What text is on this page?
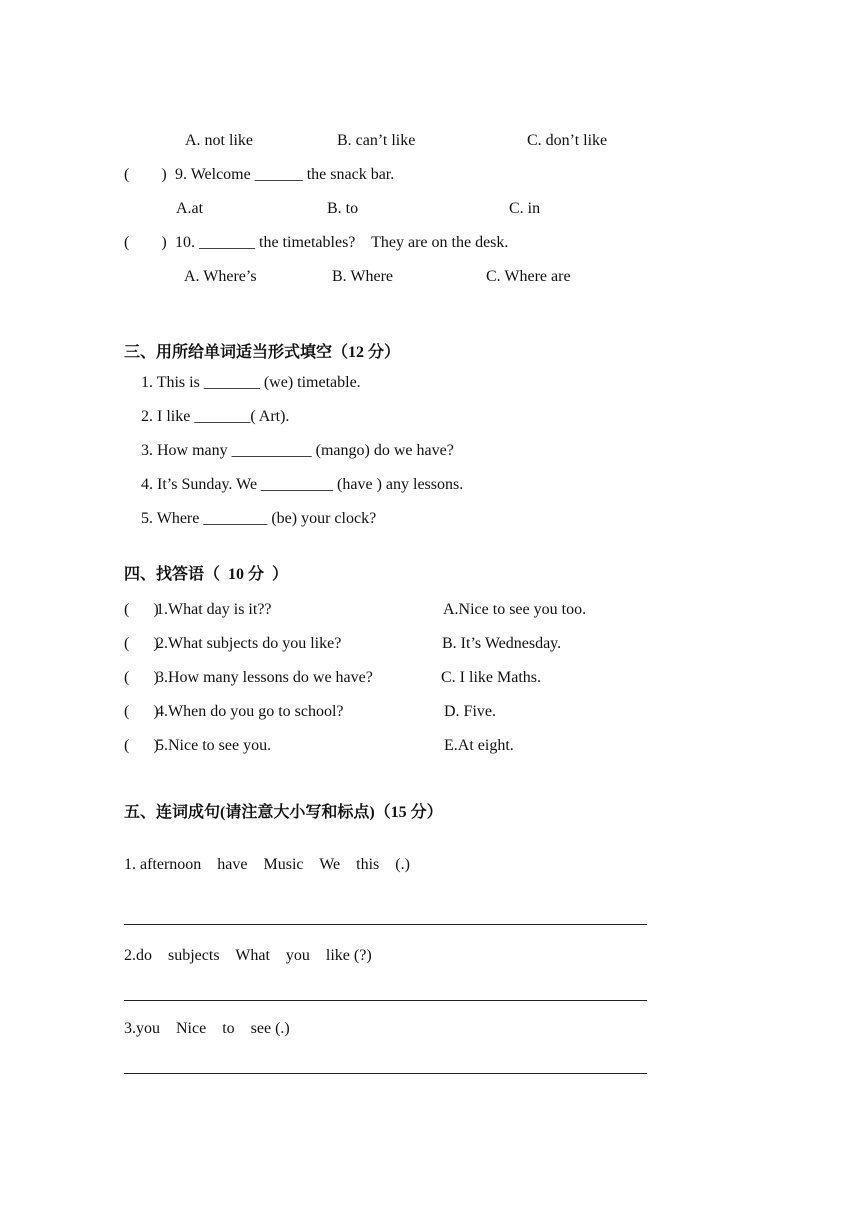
A. not like	B. can’t like	C. don’t like
(        ) 9. Welcome ______ the snack bar.
A.at	B. to	C. in
(        ) 10. _______ the timetables?    They are on the desk.
A. Where’s	B. Where	C. Where are
三、用所给单词适当形式填空（12 分）
1. This is _______ (we) timetable.
2. I like _______( Art).
3. How many __________ (mango) do we have?
4. It’s Sunday. We _________ (have ) any lessons.
5. Where ________ (be) your clock?
四、找答语（  10 分  ）
(      )
1.What day is it??	A.Nice to see you too.
(      )
2.What subjects do you like?	B. It’s Wednesday.
(      )
3.How many lessons do we have?	C. I like Maths.
(      )
4.When do you go to school?	D. Five.
(      )
5.Nice to see you.	E.At eight.
五、连词成句(请注意大小写和标点)（15 分）
1. afternoon    have    Music    We    this    (.)
2.do    subjects    What    you    like (?)
3.you    Nice    to    see (.)
